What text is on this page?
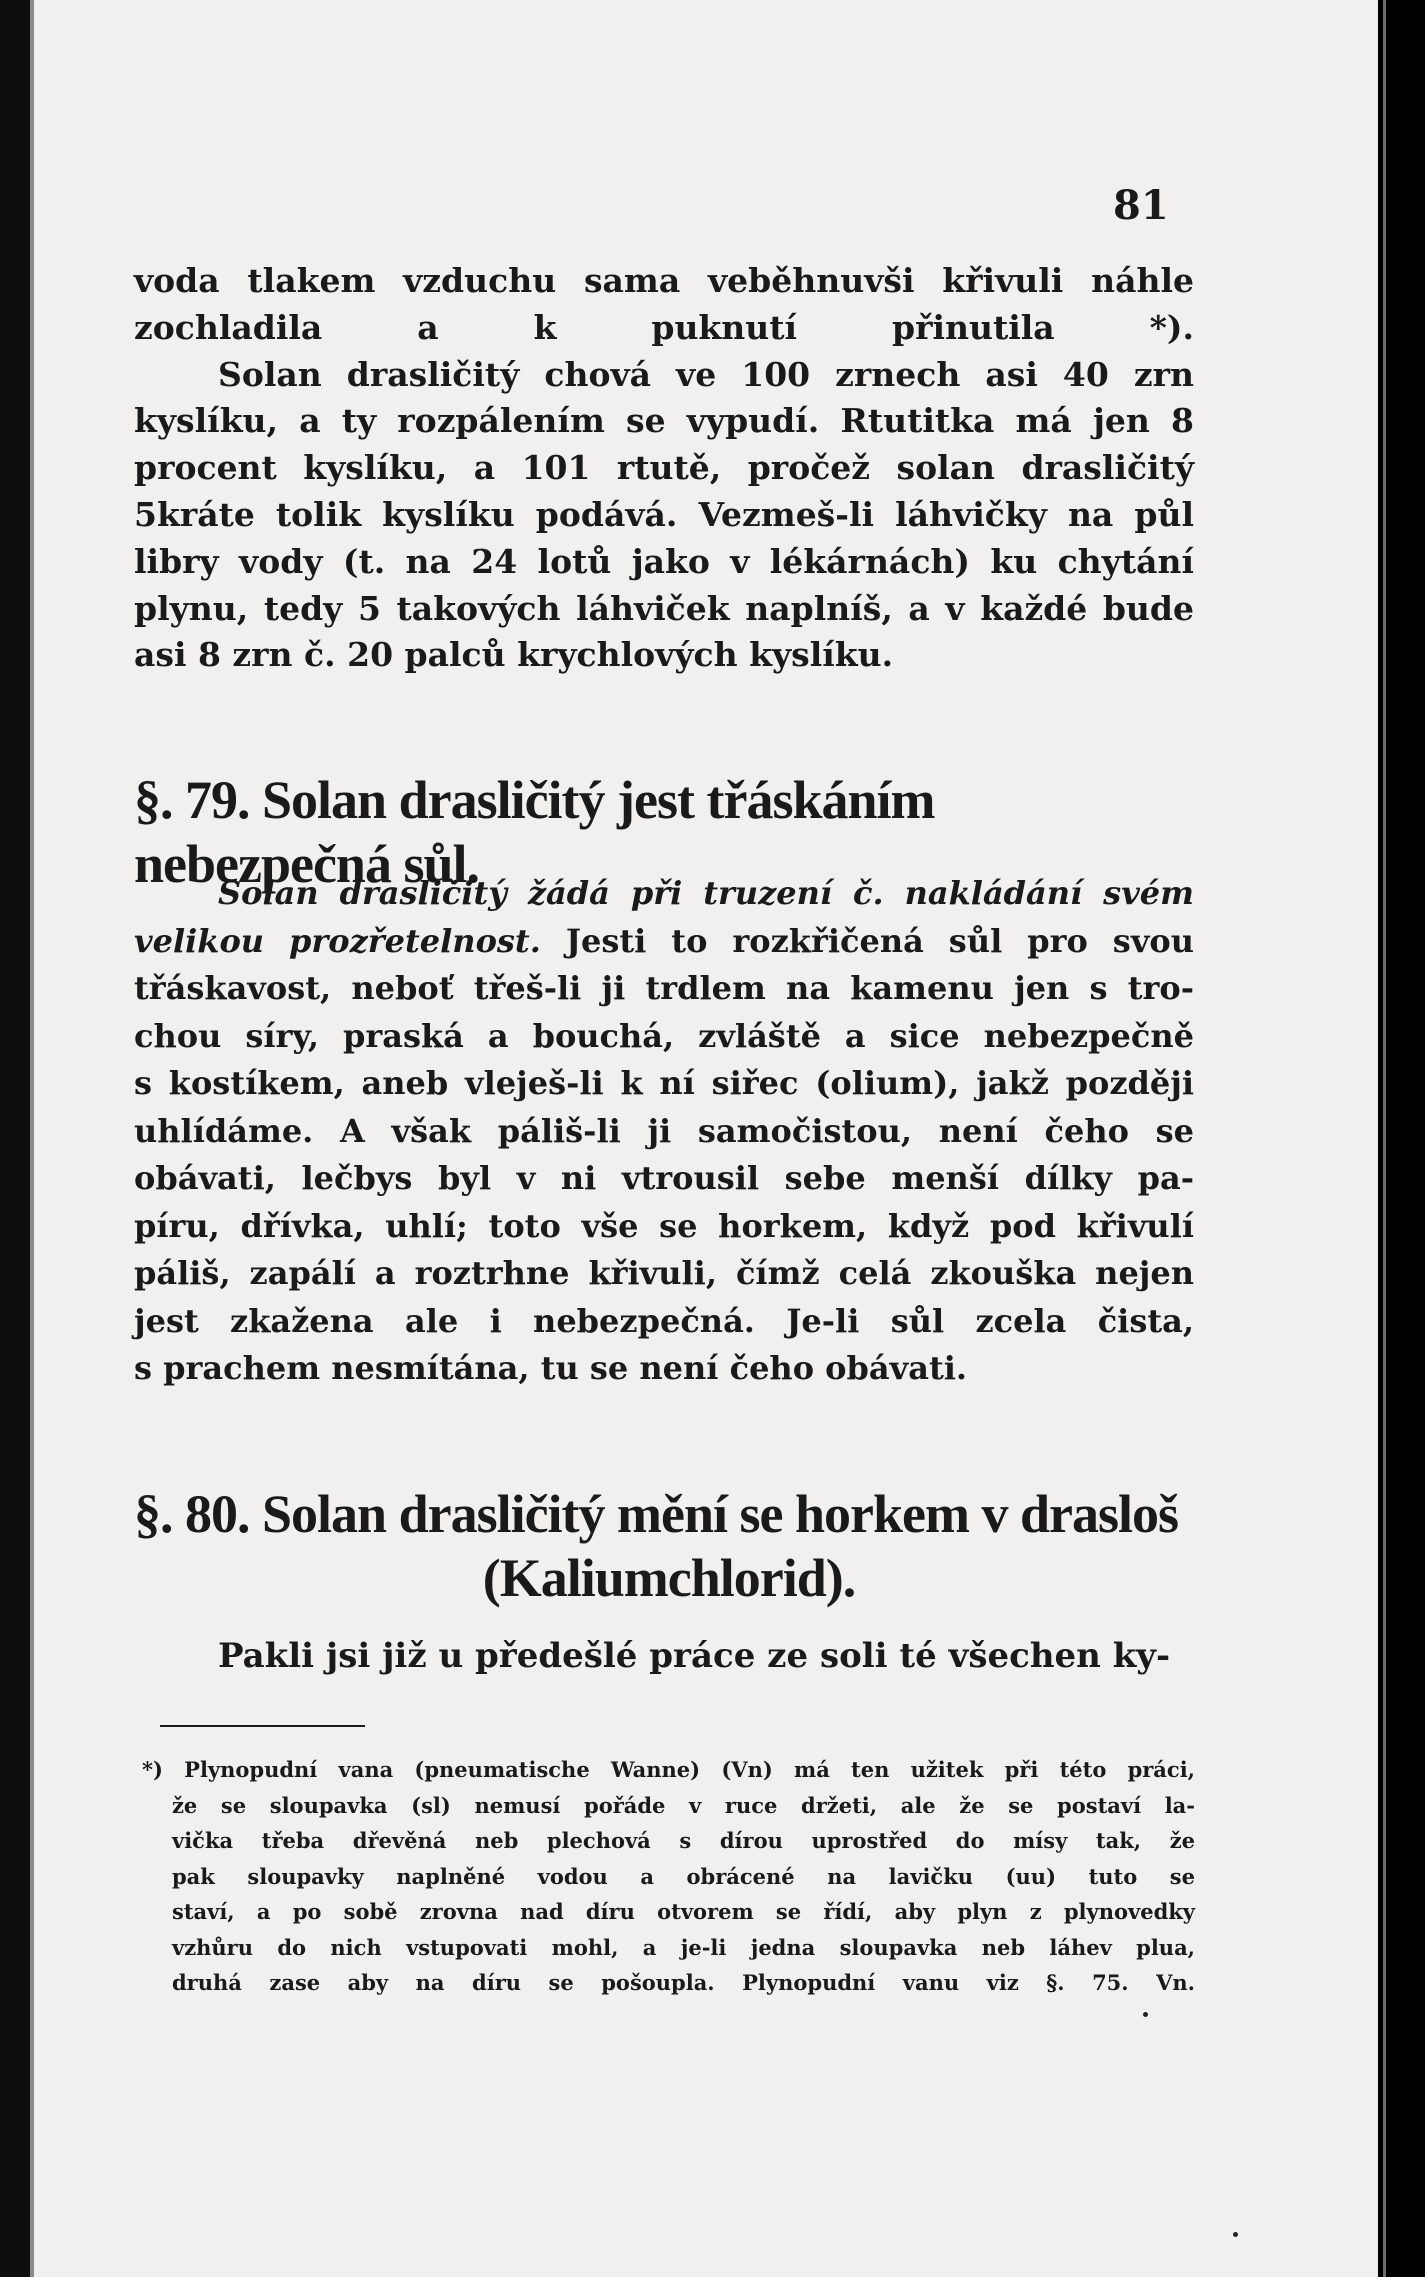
81
voda tlakem vzduchu sama veběhnuvši křivuli náhle
zochladila a k puknutí přinutila *).
Solan drasličitý chová ve 100 zrnech asi 40 zrn
kyslíku, a ty rozpálením se vypudí. Rtutitka má jen 8
procent kyslíku, a 101 rtutě, pročež solan drasličitý
5kráte tolik kyslíku podává. Vezmeš-li láhvičky na půl
libry vody (t. na 24 lotů jako v lékárnách) ku chytání
plynu, tedy 5 takových láhviček naplníš, a v každé bude
asi 8 zrn č. 20 palců krychlových kyslíku.
§. 79. Solan drasličitý jest třáskáním nebezpečná sůl.
Solan drasličitý žádá při truzení č. nakládání svém
velikou prozřetelnost. Jesti to rozkřičená sůl pro svou
třáskavost, neboť třeš-li ji trdlem na kamenu jen s tro-
chou síry, praská a bouchá, zvláště a sice nebezpečně
s kostíkem, aneb vleješ-li k ní siřec (olium), jakž později
uhlídáme. A však páliš-li ji samočistou, není čeho se
obávati, lečbys byl v ni vtrousil sebe menší dílky pa-
píru, dřívka, uhlí; toto vše se horkem, když pod křivulí
páliš, zapálí a roztrhne křivuli, čímž celá zkouška nejen
jest zkažena ale i nebezpečná. Je-li sůl zcela čista,
s prachem nesmítána, tu se není čeho obávati.
§. 80. Solan drasličitý mění se horkem v drasloš
(Kaliumchlorid).
Pakli jsi již u předešlé práce ze soli té všechen ky-
*) Plynopudní vana (pneumatische Wanne) (Vn) má ten užitek při této práci,
že se sloupavka (sl) nemusí pořáde v ruce držeti, ale že se postaví la-
vička třeba dřevěná neb plechová s dírou uprostřed do mísy tak, že
pak sloupavky naplněné vodou a obrácené na lavičku (uu) tuto se
staví, a po sobě zrovna nad díru otvorem se řídí, aby plyn z plynovedky
vzhůru do nich vstupovati mohl, a je-li jedna sloupavka neb láhev plua,
druhá zase aby na díru se pošoupla. Plynopudní vanu viz §. 75. Vn.
